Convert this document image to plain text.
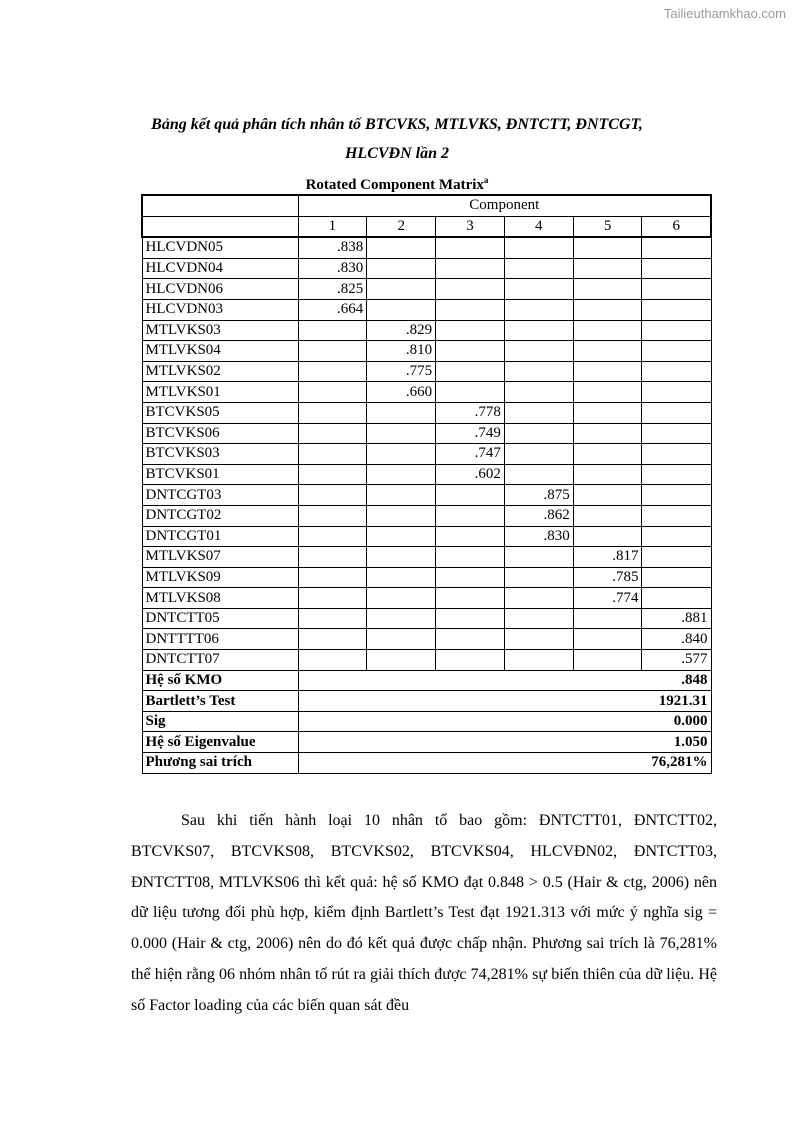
Tailieuthamkhao.com
Bảng kết quả phân tích nhân tố BTCVKS, MTLVKS, ĐNTCTT, ĐNTCGT,
HLCVĐN lần 2
Rotated Component Matrix$^a$
	Component					
	1	2	3	4	5	6
HLCVDN05	.838					
HLCVDN04	.830					
HLCVDN06	.825					
HLCVDN03	.664					
MTLVKS03		.829				
MTLVKS04		.810				
MTLVKS02		.775				
MTLVKS01		.660				
BTCVKS05			.778			
BTCVKS06			.749			
BTCVKS03			.747			
BTCVKS01			.602			
DNTCGT03				.875		
DNTCGT02				.862		
DNTCGT01				.830		
MTLVKS07					.817	
MTLVKS09					.785	
MTLVKS08					.774	
DNTCTT05						.881
DNTTTT06						.840
DNTCTT07						.577
Hệ số KMO	.848					
Bartlett’s Test	1921.31					
Sig	0.000					
Hệ số Eigenvalue	1.050					
Phương sai trích	76,281%					
Sau khi tiến hành loại 10 nhân tố bao gồm: ĐNTCTT01, ĐNTCTT02, BTCVKS07, BTCVKS08, BTCVKS02, BTCVKS04, HLCVĐN02, ĐNTCTT03, ĐNTCTT08, MTLVKS06 thì kết quả: hệ số KMO đạt 0.848 > 0.5 (Hair & ctg, 2006) nên dữ liệu tương đối phù hợp, kiểm định Bartlett’s Test đạt 1921.313 với mức ý nghĩa sig = 0.000 (Hair & ctg, 2006) nên do đó kết quả được chấp nhận. Phương sai trích là 76,281% thể hiện rằng 06 nhóm nhân tố rút ra giải thích được 74,281% sự biến thiên của dữ liệu. Hệ số Factor loading của các biến quan sát đều
